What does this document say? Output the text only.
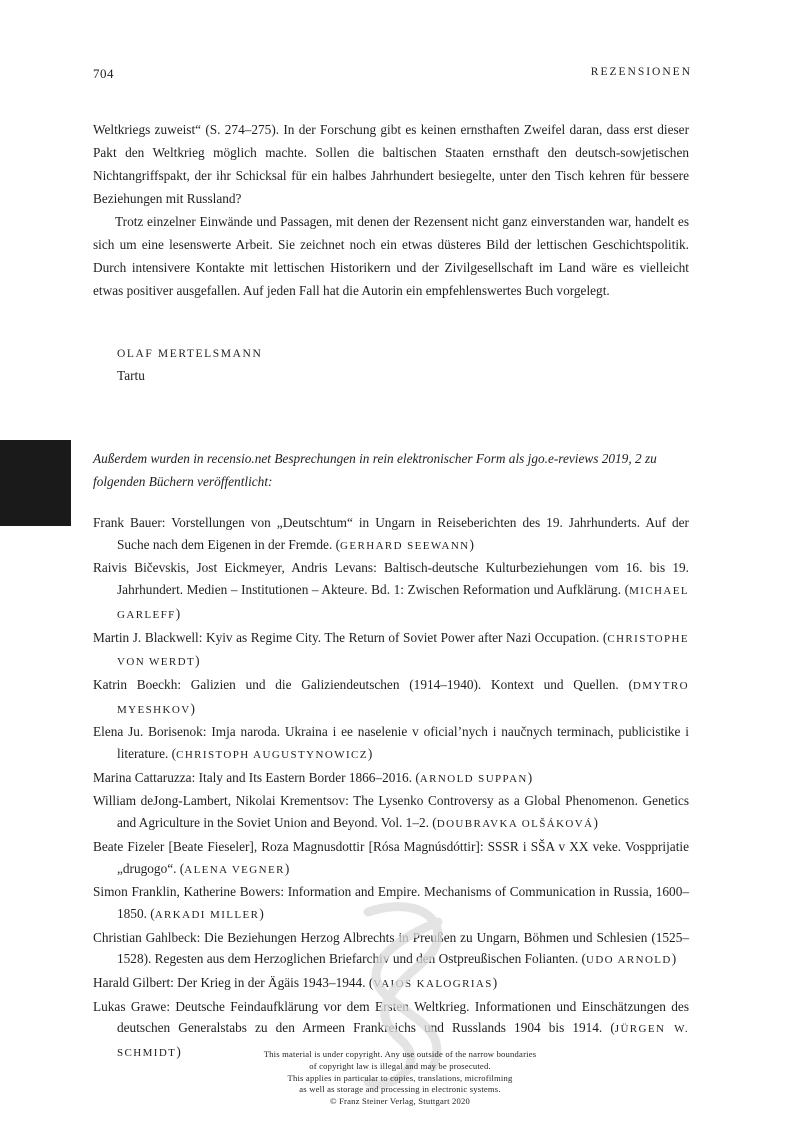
704	REZENSIONEN

Weltkriegs zuweist“ (S. 274–275). In der Forschung gibt es keinen ernsthaften Zweifel daran, dass erst dieser Pakt den Weltkrieg möglich machte. Sollen die baltischen Staaten ernsthaft den deutsch-sowjetischen Nichtangriffspakt, der ihr Schicksal für ein halbes Jahrhundert besiegelte, unter den Tisch kehren für bessere Beziehungen mit Russland?

Trotz einzelner Einwände und Passagen, mit denen der Rezensent nicht ganz einverstanden war, handelt es sich um eine lesenswerte Arbeit. Sie zeichnet noch ein etwas düsteres Bild der lettischen Geschichtspolitik. Durch intensivere Kontakte mit lettischen Historikern und der Zivilgesellschaft im Land wäre es vielleicht etwas positiver ausgefallen. Auf jeden Fall hat die Autorin ein empfehlenswertes Buch vorgelegt.

OLAF MERTELSMANN
Tartu

Außerdem wurden in recensio.net Besprechungen in rein elektronischer Form als jgo.e-reviews 2019, 2 zu folgenden Büchern veröffentlicht:

Frank Bauer: Vorstellungen von „Deutschtum“ in Ungarn in Reiseberichten des 19. Jahrhunderts. Auf der Suche nach dem Eigenen in der Fremde. (GERHARD SEEWANN)
Raivis Bičevskis, Jost Eickmeyer, Andris Levans: Baltisch-deutsche Kulturbeziehungen vom 16. bis 19. Jahrhundert. Medien – Institutionen – Akteure. Bd. 1: Zwischen Reformation und Aufklärung. (MICHAEL GARLEFF)
Martin J. Blackwell: Kyiv as Regime City. The Return of Soviet Power after Nazi Occupation. (CHRISTOPHE VON WERDT)
Katrin Boeckh: Galizien und die Galiziendeutschen (1914–1940). Kontext und Quellen. (DMYTRO MYESHKOV)
Elena Ju. Borisenok: Imja naroda. Ukraina i ee naselenie v oficial’nych i naučnych terminach, publicistike i literature. (CHRISTOPH AUGUSTYNOWICZ)
Marina Cattaruzza: Italy and Its Eastern Border 1866–2016. (ARNOLD SUPPAN)
William deJong-Lambert, Nikolai Krementsov: The Lysenko Controversy as a Global Phenomenon. Genetics and Agriculture in the Soviet Union and Beyond. Vol. 1–2. (DOUBRAVKA OLŠÁKOVÁ)
Beate Fizeler [Beate Fieseler], Roza Magnusdottir [Rósa Magnúsdóttir]: SSSR i SŠA v XX veke. Vospprijatie „drugogo“. (ALENA VEGNER)
Simon Franklin, Katherine Bowers: Information and Empire. Mechanisms of Communication in Russia, 1600–1850. (ARKADI MILLER)
Christian Gahlbeck: Die Beziehungen Herzog Albrechts in Preußen zu Ungarn, Böhmen und Schlesien (1525–1528). Regesten aus dem Herzoglichen Briefarchiv und den Ostpreußischen Folianten. (UDO ARNOLD)
Harald Gilbert: Der Krieg in der Ägäis 1943–1944. (VAIOS KALOGRIAS)
Lukas Grawe: Deutsche Feindaufklärung vor dem Ersten Weltkrieg. Informationen und Einschätzungen des deutschen Generalstabs zu den Armeen Frankreichs und Russlands 1904 bis 1914. (JÜRGEN W. SCHMIDT)	This material is under copyright. Any use outside of the narrow boundaries
of copyright law is illegal and may be prosecuted.
This applies in particular to copies, translations, microfilming
as well as storage and processing in electronic systems.
© Franz Steiner Verlag, Stuttgart 2020
